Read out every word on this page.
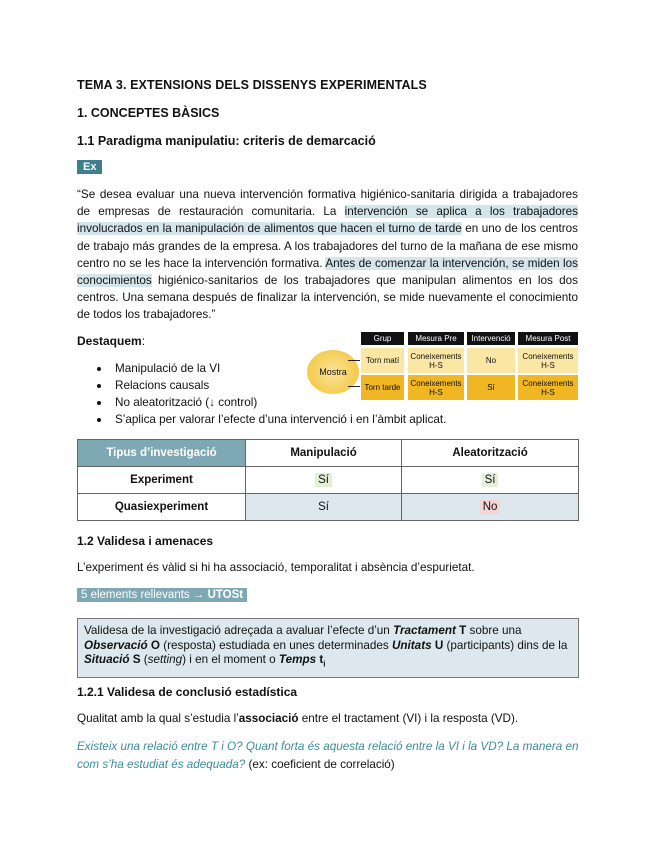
TEMA 3. EXTENSIONS DELS DISSENYS EXPERIMENTALS
1. CONCEPTES BÀSICS
1.1 Paradigma manipulatiu: criteris de demarcació
Ex
“Se desea evaluar una nueva intervención formativa higiénico-sanitaria dirigida a trabajadores de empresas de restauración comunitaria. La intervención se aplica a los trabajadores involucrados en la manipulación de alimentos que hacen el turno de tarde en uno de los centros de trabajo más grandes de la empresa. A los trabajadores del turno de la mañana de ese mismo centro no se les hace la intervención formativa. Antes de comenzar la intervención, se miden los conocimientos higiénico-sanitarios de los trabajadores que manipulan alimentos en los dos centros. Una semana después de finalizar la intervención, se mide nuevamente el conocimiento de todos los trabajadores.”
Destaquem:
Manipulació de la VI
Relacions causals
No aleatorització (↓ control)
S’aplica per valorar l’efecte d’una intervenció i en l’àmbit aplicat.
Mostra
Grup	Mesura Pre	Intervenció	Mesura Post
Torn matí	Coneixements H-S	No	Coneixements H-S
Torn tarde	Coneixements H-S	Sí	Coneixements H-S
Tipus d’investigació	Manipulació	Aleatorització
Experiment	Sí	Sí
Quasiexperiment	Sí	No
1.2 Validesa i amenaces
L’experiment és vàlid si hi ha associació, temporalitat i absència d’espurietat.
5 elements rellevants → UTOSt
Validesa de la investigació adreçada a avaluar l’efecte d’un Tractament T sobre una Observació O (resposta) estudiada en unes determinades Unitats U (participants) dins de la Situació S (setting) i en el moment o Temps $t_i$
1.2.1 Validesa de conclusió estadística
Qualitat amb la qual s’estudia l’associació entre el tractament (VI) i la resposta (VD).
Existeix una relació entre T i O? Quant forta és aquesta relació entre la VI i la VD? La manera en com s’ha estudiat és adequada? (ex: coeficient de correlació)
